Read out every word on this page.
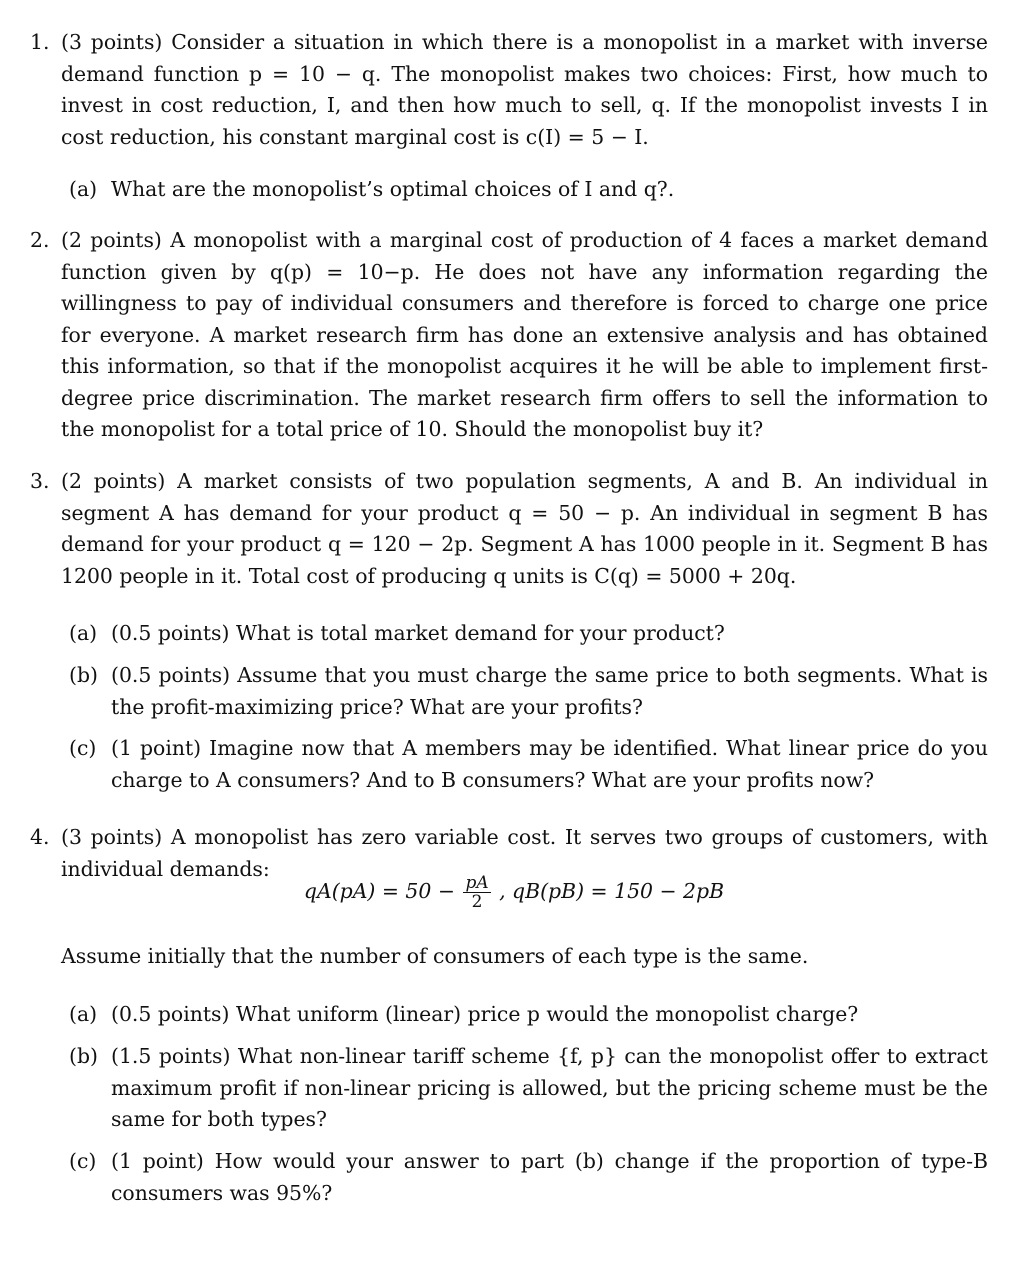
1. (3 points) Consider a situation in which there is a monopolist in a market with inverse demand function p = 10 − q. The monopolist makes two choices: First, how much to invest in cost reduction, I, and then how much to sell, q. If the monopolist invests I in cost reduction, his constant marginal cost is c(I) = 5 − I.
(a) What are the monopolist’s optimal choices of I and q?.
2. (2 points) A monopolist with a marginal cost of production of 4 faces a market demand function given by q(p) = 10−p. He does not have any information regarding the willingness to pay of individual consumers and therefore is forced to charge one price for everyone. A market research firm has done an extensive analysis and has obtained this information, so that if the monopolist acquires it he will be able to implement first-degree price discrimination. The market research firm offers to sell the information to the monopolist for a total price of 10. Should the monopolist buy it?
3. (2 points) A market consists of two population segments, A and B. An individual in segment A has demand for your product q = 50 − p. An individual in segment B has demand for your product q = 120 − 2p. Segment A has 1000 people in it. Segment B has 1200 people in it. Total cost of producing q units is C(q) = 5000 + 20q.
(a) (0.5 points) What is total market demand for your product?
(b) (0.5 points) Assume that you must charge the same price to both segments. What is the profit-maximizing price? What are your profits?
(c) (1 point) Imagine now that A members may be identified. What linear price do you charge to A consumers? And to B consumers? What are your profits now?
4. (3 points) A monopolist has zero variable cost. It serves two groups of customers, with individual demands:
$qA(pA) = 50 - \frac{pA}{2}$ , qB(pB) = 150 − 2pB
Assume initially that the number of consumers of each type is the same.
(a) (0.5 points) What uniform (linear) price p would the monopolist charge?
(b) (1.5 points) What non-linear tariff scheme {f, p} can the monopolist offer to extract maximum profit if non-linear pricing is allowed, but the pricing scheme must be the same for both types?
(c) (1 point) How would your answer to part (b) change if the proportion of type-B consumers was 95%?
